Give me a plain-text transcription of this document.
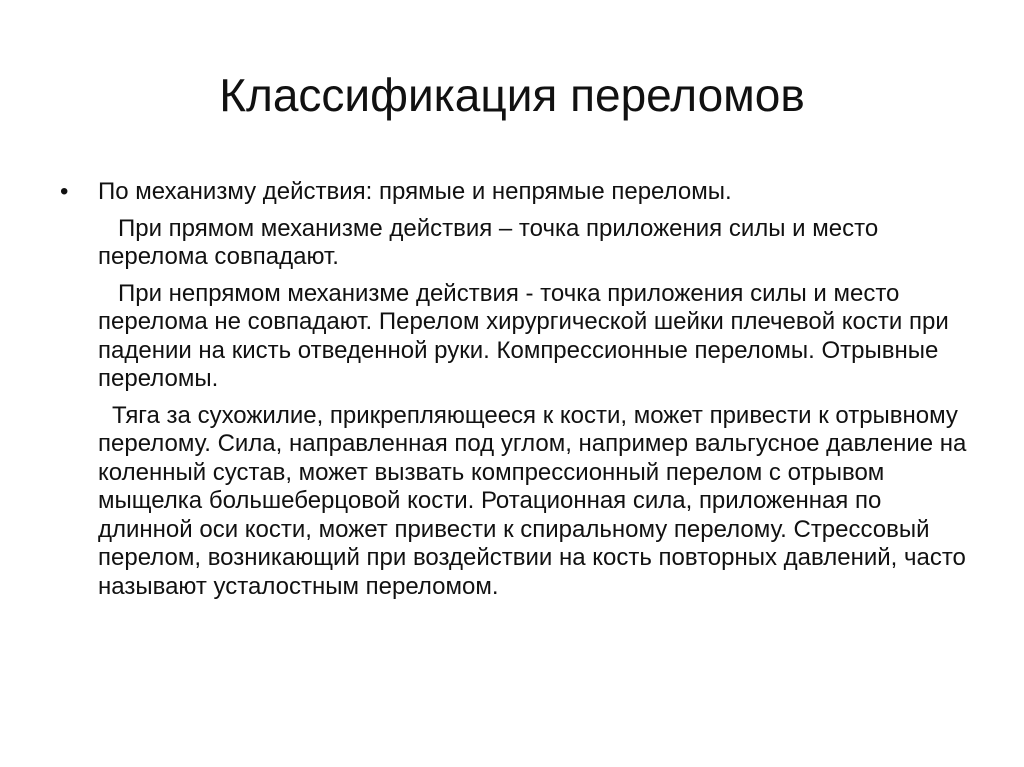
Классификация переломов
•	По механизму действия: прямые и непрямые переломы.

При прямом механизме действия – точка приложения силы и место перелома совпадают.

При непрямом механизме действия - точка приложения силы и место перелома не совпадают. Перелом хирургической шейки плечевой кости при падении на кисть отведенной руки. Компрессионные переломы. Отрывные переломы.

Тяга за сухожилие, прикрепляющееся к кости, может привести к отрывному перелому. Сила, направленная под углом, например вальгусное давление на коленный сустав, может вызвать компрессионный перелом с отрывом мыщелка большеберцовой кости. Ротационная сила, приложенная по длинной оси кости, может привести к спиральному перелому. Стрессовый перелом, возникающий при воздействии на кость повторных давлений, часто называют усталостным переломом.
